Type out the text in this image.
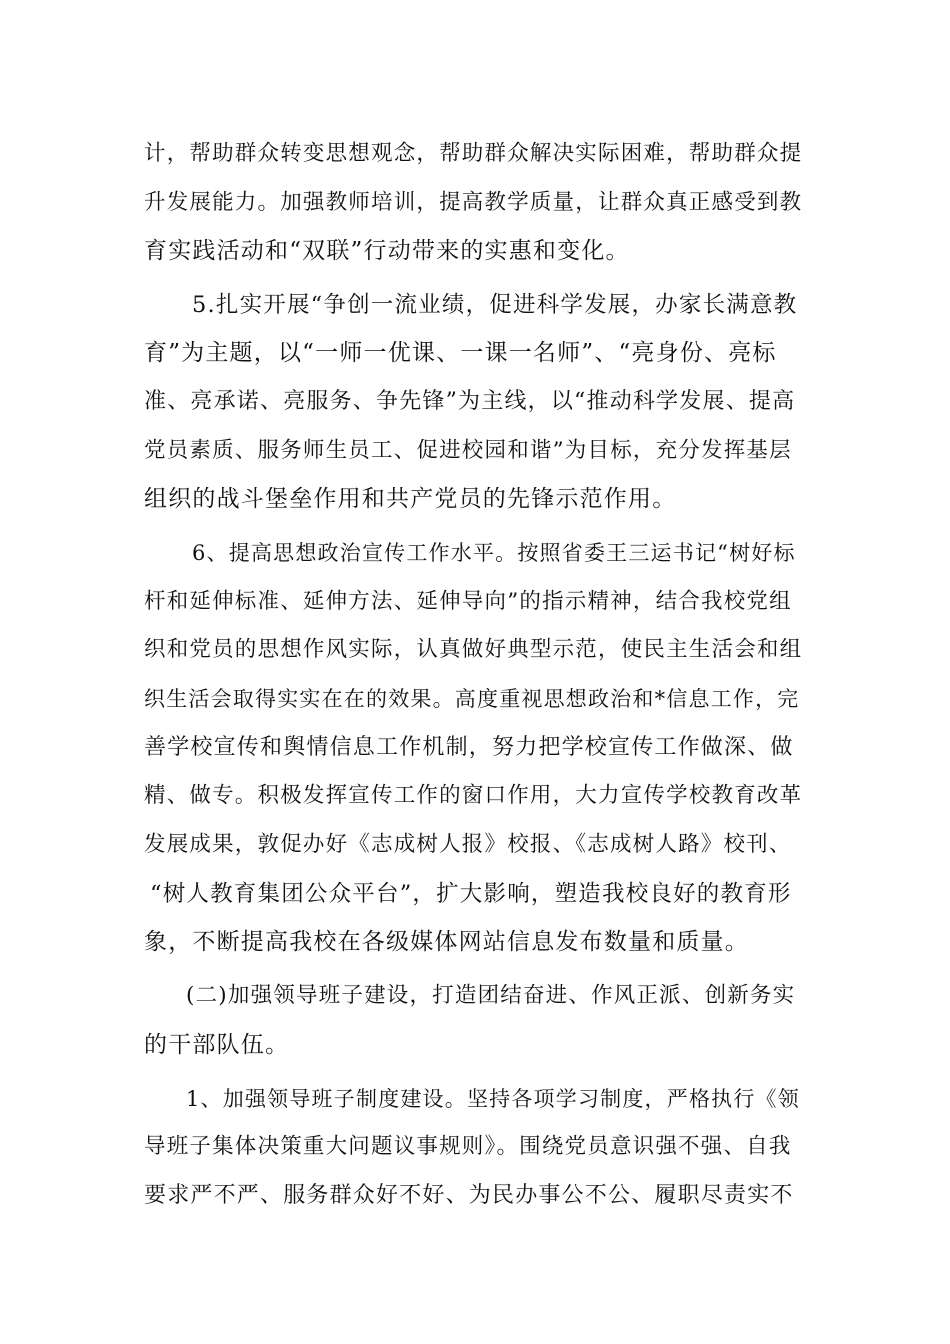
计，帮助群众转变思想观念，帮助群众解决实际困难，帮助群众提
升发展能力。加强教师培训，提高教学质量，让群众真正感受到教
育实践活动和“双联”行动带来的实惠和变化。
5.扎实开展“争创一流业绩，促进科学发展，办家长满意教
育”为主题，以“一师一优课、一课一名师”、“亮身份、亮标
准、亮承诺、亮服务、争先锋”为主线，以“推动科学发展、提高
党员素质、服务师生员工、促进校园和谐”为目标，充分发挥基层
组织的战斗堡垒作用和共产党员的先锋示范作用。
6、提高思想政治宣传工作水平。按照省委王三运书记“树好标
杆和延伸标准、延伸方法、延伸导向”的指示精神，结合我校党组
织和党员的思想作风实际，认真做好典型示范，使民主生活会和组
织生活会取得实实在在的效果。高度重视思想政治和*信息工作，完
善学校宣传和舆情信息工作机制，努力把学校宣传工作做深、做
精、做专。积极发挥宣传工作的窗口作用，大力宣传学校教育改革
发展成果，敦促办好《志成树人报》校报、《志成树人路》校刊、
“树人教育集团公众平台”，扩大影响，塑造我校良好的教育形
象，不断提高我校在各级媒体网站信息发布数量和质量。
(二)加强领导班子建设，打造团结奋进、作风正派、创新务实
的干部队伍。
1、加强领导班子制度建设。坚持各项学习制度，严格执行《领
导班子集体决策重大问题议事规则》。围绕党员意识强不强、自我
要求严不严、服务群众好不好、为民办事公不公、履职尽责实不
